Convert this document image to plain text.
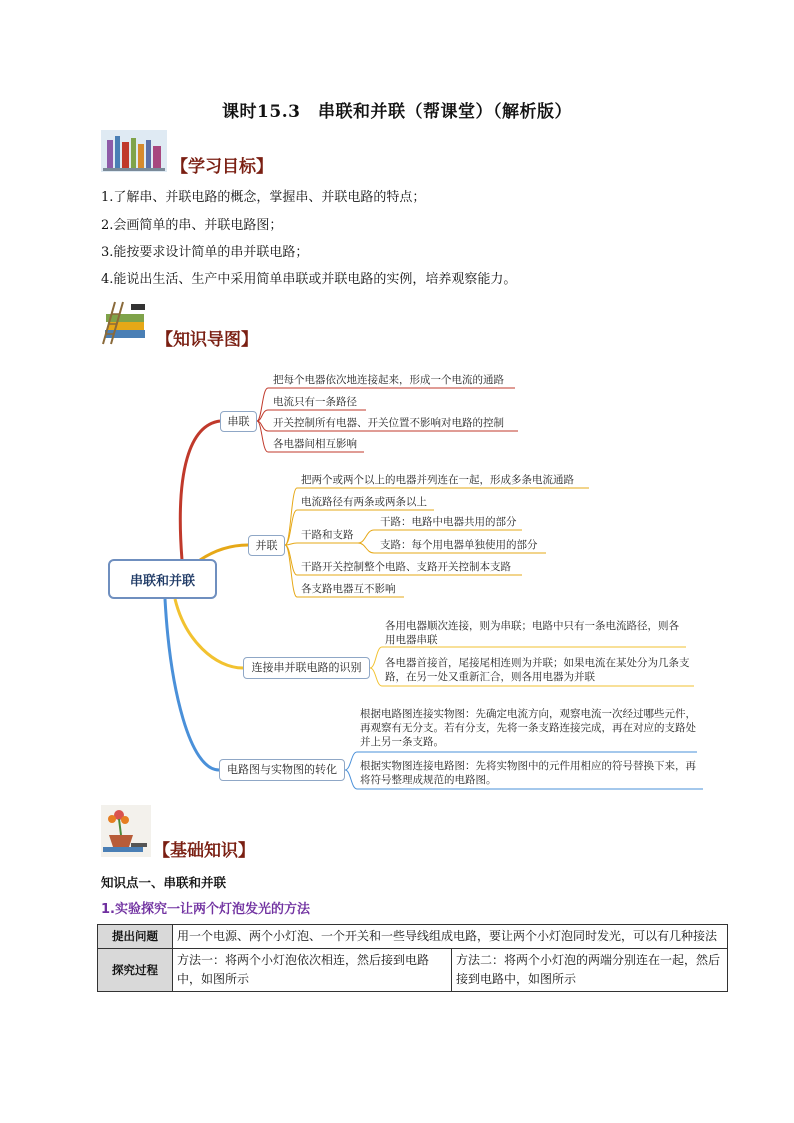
课时15.3　串联和并联（帮课堂）（解析版）
【学习目标】
1.了解串、并联电路的概念，掌握串、并联电路的特点；
2.会画简单的串、并联电路图；
3.能按要求设计简单的串并联电路；
4.能说出生活、生产中采用简单串联或并联电路的实例，培养观察能力。
【知识导图】
串联和并联
串联
把每个电器依次地连接起来，形成一个电流的通路
电流只有一条路径
开关控制所有电器、开关位置不影响对电路的控制
各电器间相互影响
并联
把两个或两个以上的电器并列连在一起，形成多条电流通路
电流路径有两条或两条以上
干路和支路
干路：电路中电器共用的部分
支路：每个用电器单独使用的部分
干路开关控制整个电路、支路开关控制本支路
各支路电器互不影响
连接串并联电路的识别
各用电器顺次连接，则为串联；电路中只有一条电流路径，则各用电器串联
各电器首接首，尾接尾相连则为并联；如果电流在某处分为几条支路，在另一处又重新汇合，则各用电器为并联
电路图与实物图的转化
根据电路图连接实物图：先确定电流方向，观察电流一次经过哪些元件，再观察有无分支。若有分支，先将一条支路连接完成，再在对应的支路处并上另一条支路。
根据实物图连接电路图：先将实物图中的元件用相应的符号替换下来，再将符号整理成规范的电路图。
【基础知识】
知识点一、串联和并联
1.实验探究一让两个灯泡发光的方法
提出问题	用一个电源、两个小灯泡、一个开关和一些导线组成电路，要让两个小灯泡同时发光，可以有几种接法	
探究过程	方法一：将两个小灯泡依次相连，然后接到电路中，如图所示	方法二：将两个小灯泡的两端分别连在一起，然后接到电路中，如图所示
